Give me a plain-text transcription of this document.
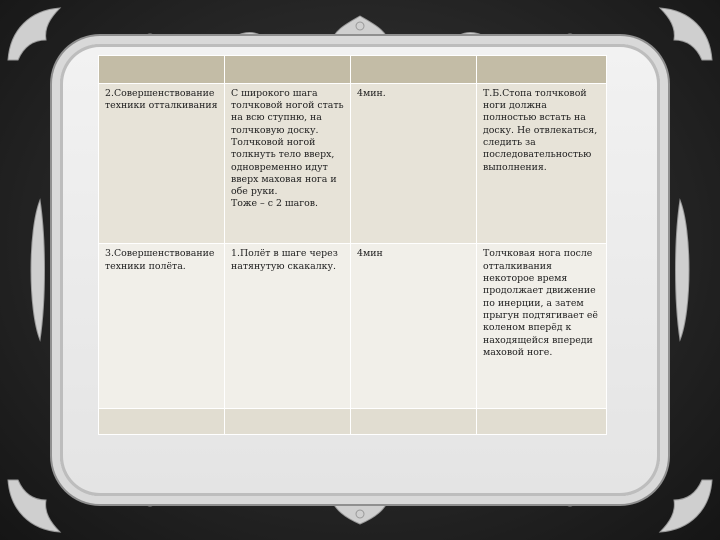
2.Совершенствование техники отталкивания	С широкого шага толчковой ногой стать на всю ступню, на толчковую доску.
Толчковой ногой толкнуть тело вверх, одновременно идут вверх маховая нога и обе руки.
Тоже – с 2 шагов.	4мин.	Т.Б.Стопа толчковой ноги должна полностью встать на доску. Не отвлекаться, следить за последовательностью выполнения.
3.Совершенствование техники полёта.	1.Полёт в шаге через натянутую скакалку.	4мин	Толчковая нога после отталкивания некоторое время продолжает движение по инерции, а затем прыгун подтягивает её коленом вперёд к находящейся впереди маховой ноге.
